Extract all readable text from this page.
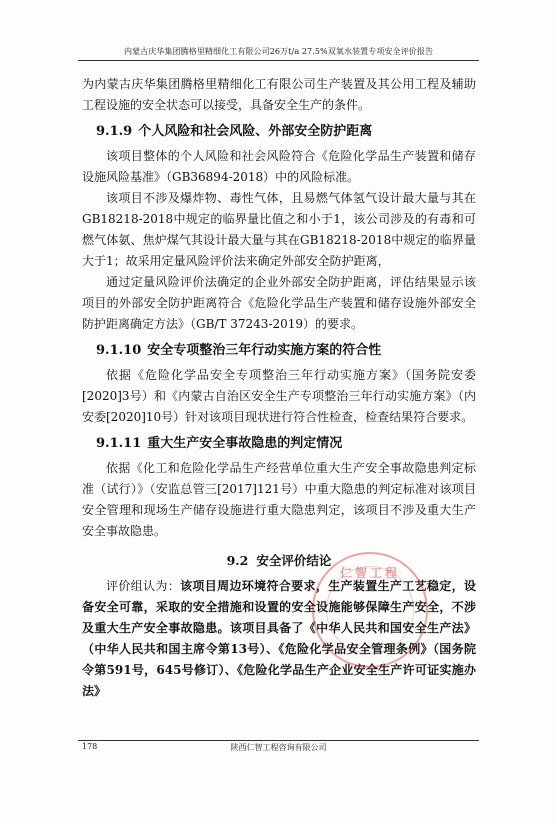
内蒙古庆华集团腾格里精细化工有限公司26万t/a 27.5%双氧水装置专项安全评价报告

为内蒙古庆华集团腾格里精细化工有限公司生产装置及其公用工程及辅助工程设施的安全状态可以接受，具备安全生产的条件。

9.1.9 个人风险和社会风险、外部安全防护距离

该项目整体的个人风险和社会风险符合《危险化学品生产装置和储存设施风险基准》（GB36894-2018）中的风险标准。

该项目不涉及爆炸物、毒性气体，且易燃气体氢气设计最大量与其在GB18218-2018中规定的临界量比值之和小于1，该公司涉及的有毒和可燃气体氨、焦炉煤气其设计最大量与其在GB18218-2018中规定的临界量大于1；故采用定量风险评价法来确定外部安全防护距离，

通过定量风险评价法确定的企业外部安全防护距离，评估结果显示该项目的外部安全防护距离符合《危险化学品生产装置和储存设施外部安全防护距离确定方法》（GB/T 37243-2019）的要求。

9.1.10 安全专项整治三年行动实施方案的符合性

依据《危险化学品安全专项整治三年行动实施方案》（国务院安委[2020]3号）和《内蒙古自治区安全生产专项整治三年行动实施方案》（内安委[2020]10号）针对该项目现状进行符合性检查，检查结果符合要求。

9.1.11 重大生产安全事故隐患的判定情况

依据《化工和危险化学品生产经营单位重大生产安全事故隐患判定标准（试行）》（安监总管三[2017]121号）中重大隐患的判定标准对该项目安全管理和现场生产储存设施进行重大隐患判定，该项目不涉及重大生产安全事故隐患。

9.2 安全评价结论

评价组认为：该项目周边环境符合要求，生产装置生产工艺稳定，设备安全可靠，采取的安全措施和设置的安全设施能够保障生产安全，不涉及重大生产安全事故隐患。该项目具备了《中华人民共和国安全生产法》（中华人民共和国主席令第13号）、《危险化学品安全管理条例》（国务院令第591号，645号修订）、《危险化学品生产企业安全生产许可证实施办法》

仁智工程
178	陕西仁智工程咨询有限公司
